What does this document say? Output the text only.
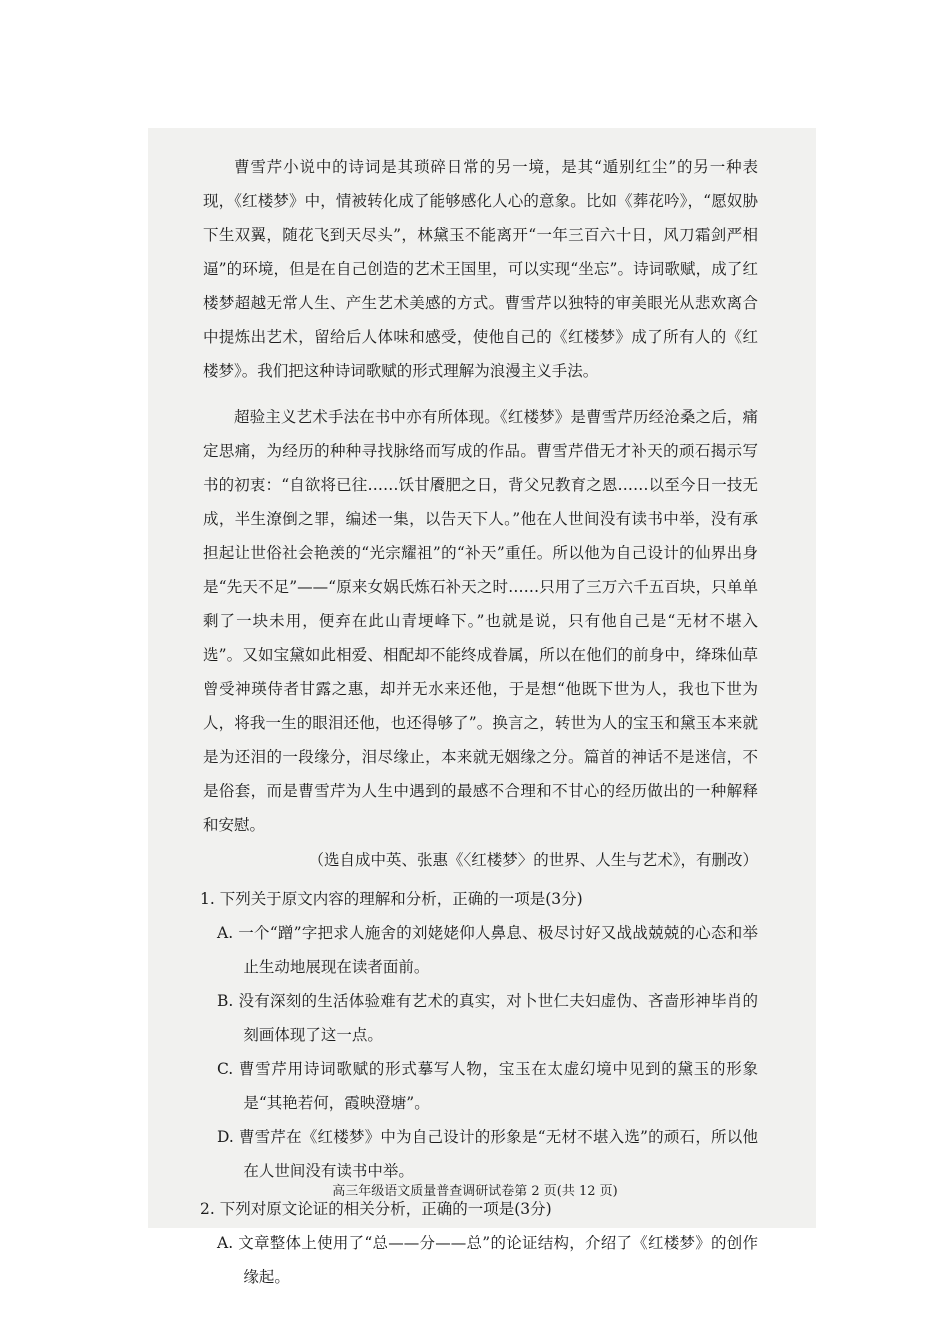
曹雪芹小说中的诗词是其琐碎日常的另一境，是其“遁别红尘”的另一种表现，《红楼梦》中，情被转化成了能够感化人心的意象。比如《葬花吟》，“愿奴胁下生双翼，随花飞到天尽头”，林黛玉不能离开“一年三百六十日，风刀霜剑严相逼”的环境，但是在自己创造的艺术王国里，可以实现“坐忘”。诗词歌赋，成了红楼梦超越无常人生、产生艺术美感的方式。曹雪芹以独特的审美眼光从悲欢离合中提炼出艺术，留给后人体味和感受，使他自己的《红楼梦》成了所有人的《红楼梦》。我们把这种诗词歌赋的形式理解为浪漫主义手法。

超验主义艺术手法在书中亦有所体现。《红楼梦》是曹雪芹历经沧桑之后，痛定思痛，为经历的种种寻找脉络而写成的作品。曹雪芹借无才补天的顽石揭示写书的初衷：“自欲将已往……饫甘餍肥之日，背父兄教育之恩……以至今日一技无成，半生潦倒之罪，编述一集，以告天下人。”他在人世间没有读书中举，没有承担起让世俗社会艳羡的“光宗耀祖”的“补天”重任。所以他为自己设计的仙界出身是“先天不足”——“原来女娲氏炼石补天之时……只用了三万六千五百块，只单单剩了一块未用，便弃在此山青埂峰下。”也就是说，只有他自己是“无材不堪入选”。又如宝黛如此相爱、相配却不能终成眷属，所以在他们的前身中，绛珠仙草曾受神瑛侍者甘露之惠，却并无水来还他，于是想“他既下世为人，我也下世为人，将我一生的眼泪还他，也还得够了”。换言之，转世为人的宝玉和黛玉本来就是为还泪的一段缘分，泪尽缘止，本来就无姻缘之分。篇首的神话不是迷信，不是俗套，而是曹雪芹为人生中遇到的最感不合理和不甘心的经历做出的一种解释和安慰。

（选自成中英、张惠《〈红楼梦〉的世界、人生与艺术》，有删改）

1. 下列关于原文内容的理解和分析，正确的一项是(3分)

A. 一个“蹭”字把求人施舍的刘姥姥仰人鼻息、极尽讨好又战战兢兢的心态和举止生动地展现在读者面前。

B. 没有深刻的生活体验难有艺术的真实，对卜世仁夫妇虚伪、吝啬形神毕肖的刻画体现了这一点。

C. 曹雪芹用诗词歌赋的形式摹写人物，宝玉在太虚幻境中见到的黛玉的形象是“其艳若何，霞映澄塘”。

D. 曹雪芹在《红楼梦》中为自己设计的形象是“无材不堪入选”的顽石，所以他在人世间没有读书中举。

2. 下列对原文论证的相关分析，正确的一项是(3分)

A. 文章整体上使用了“总——分——总”的论证结构，介绍了《红楼梦》的创作缘起。

高三年级语文质量普查调研试卷第 2 页(共 12 页)
